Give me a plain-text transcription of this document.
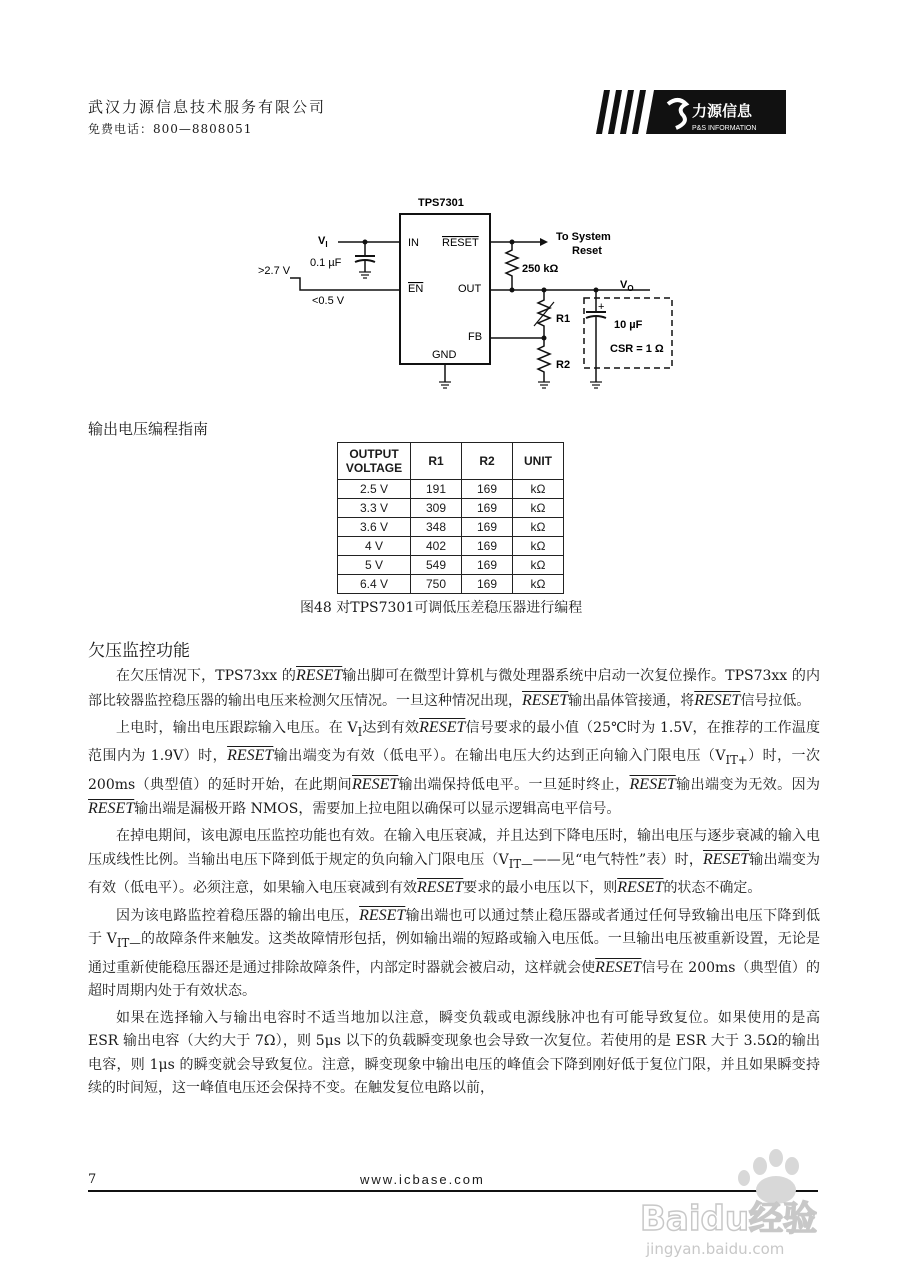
武汉力源信息技术服务有限公司
免费电话：800—8808051
力源信息
P&S INFORMATION
TPS7301
IN RESET
EN	OUT
FB
GND
$V_I$
0.1 µF
>2.7 V
<0.5 V
To System
Reset
250 kΩ
$V_O$
R1
R2
+
10 µF
CSR = 1 Ω
输出电压编程指南
OUTPUT
VOLTAGE	R1	R2	UNIT
2.5 V	191	169	kΩ
3.3 V	309	169	kΩ
3.6 V	348	169	kΩ
4 V	402	169	kΩ
5 V	549	169	kΩ
6.4 V	750	169	kΩ
图48 对TPS7301可调低压差稳压器进行编程
欠压监控功能

在欠压情况下，TPS73xx 的RESET输出脚可在微型计算机与微处理器系统中启动一次复位操作。TPS73xx 的内部比较器监控稳压器的输出电压来检测欠压情况。一旦这种情况出现，RESET输出晶体管接通，将RESET信号拉低。

上电时，输出电压跟踪输入电压。在 $V_I$达到有效RESET信号要求的最小值（25℃时为 1.5V，在推荐的工作温度范围内为 1.9V）时，RESET输出端变为有效（低电平）。在输出电压大约达到正向输入门限电压$(V_{IT+})$时，一次 200ms（典型值）的延时开始，在此期间RESET输出端保持低电平。一旦延时终止，RESET输出端变为无效。因为RESET输出端是漏极开路 NMOS，需要加上拉电阻以确保可以显示逻辑高电平信号。

在掉电期间，该电源电压监控功能也有效。在输入电压衰减，并且达到下降电压时，输出电压与逐步衰减的输入电压成线性比例。当输出电压下降到低于规定的负向输入门限电压（$V_{IT—}——$见“电气特性”表）时，RESET输出端变为有效（低电平）。必须注意，如果输入电压衰减到有效RESET要求的最小电压以下，则RESET的状态不确定。

因为该电路监控着稳压器的输出电压，RESET输出端也可以通过禁止稳压器或者通过任何导致输出电压下降到低于 $V_{IT—}$的故障条件来触发。这类故障情形包括，例如输出端的短路或输入电压低。一旦输出电压被重新设置，无论是通过重新使能稳压器还是通过排除故障条件，内部定时器就会被启动，这样就会使RESET信号在 200ms（典型值）的超时周期内处于有效状态。

如果在选择输入与输出电容时不适当地加以注意，瞬变负载或电源线脉冲也有可能导致复位。如果使用的是高 ESR 输出电容（大约大于 7Ω），则 5μs 以下的负载瞬变现象也会导致一次复位。若使用的是 ESR 大于 3.5Ω的输出电容，则 1μs 的瞬变就会导致复位。注意，瞬变现象中输出电压的峰值会下降到刚好低于复位门限，并且如果瞬变持续的时间短，这一峰值电压还会保持不变。在触发复位电路以前，

7	www.icbase.com
Baidu经验
jingyan.baidu.com
